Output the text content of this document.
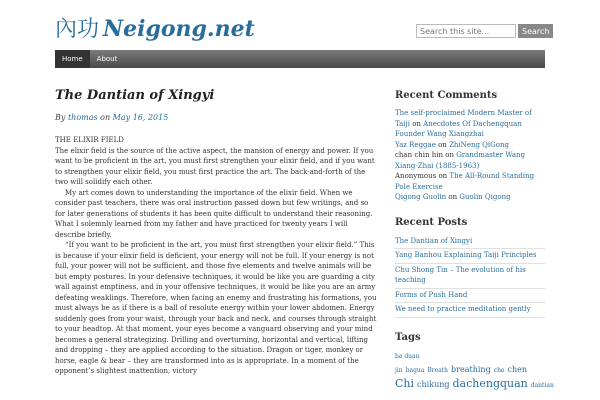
內功 Neigong.net
Search this site...	Search
Home	About
The Dantian of Xingyi
By thomas on May 16, 2015

THE ELIXIR FIELD

The elixir field is the source of the active aspect, the mansion of energy and power. If you want to be proficient in the art, you must first strengthen your elixir field, and if you want to strengthen your elixir field, you must first practice the art. The back-and-forth of the two will solidify each other.

My art comes down to understanding the importance of the elixir field. When we consider past teachers, there was oral instruction passed down but few writings, and so for later generations of students it has been quite difficult to understand their reasoning. What I solemnly learned from my father and have practiced for twenty years I will describe briefly.

“If you want to be proficient in the art, you must first strengthen your elixir field.” This is because if your elixir field is deficient, your energy will not be full. If your energy is not full, your power will not be sufficient, and those five elements and twelve animals will be but empty postures. In your defensive techniques, it would be like you are guarding a city wall against emptiness, and in your offensive techniques, it would be like you are an army defeating weaklings. Therefore, when facing an enemy and frustrating his formations, you must always be as if there is a ball of resolute energy within your lower abdomen. Energy suddenly goes from your waist, through your back and neck, and courses through straight to your headtop. At that moment, your eyes become a vanguard observing and your mind becomes a general strategizing. Drilling and overturning, horizontal and vertical, lifting and dropping – they are applied according to the situation. Dragon or tiger, monkey or horse, eagle & bear – they are transformed into as is appropriate. In a moment of the opponent’s slightest inattention, victory

Recent Comments
The self-proclaimed Modern Master of Taiji on Anecdotes Of Dachengquan Founder Wang Xiangzhai
Yaz Reggae on ZhiNeng QiGong
chan chin hin on Grandmaster Wang Xiang-Zhai (1885-1963)
Anonymous on The All-Round Standing Pole Exercise
Qigong Guolin on Guolin Qigong
Recent Posts
The Dantian of Xingyi
Yang Banhou Explaining Taiji Principles
Chu Shong Tin – The evolution of his teaching
Forms of Push Hand
We need to practice meditation gently
Tags
ba duan jin bagua Breath breathing che chen
Chi chikung dachengquan dantian
